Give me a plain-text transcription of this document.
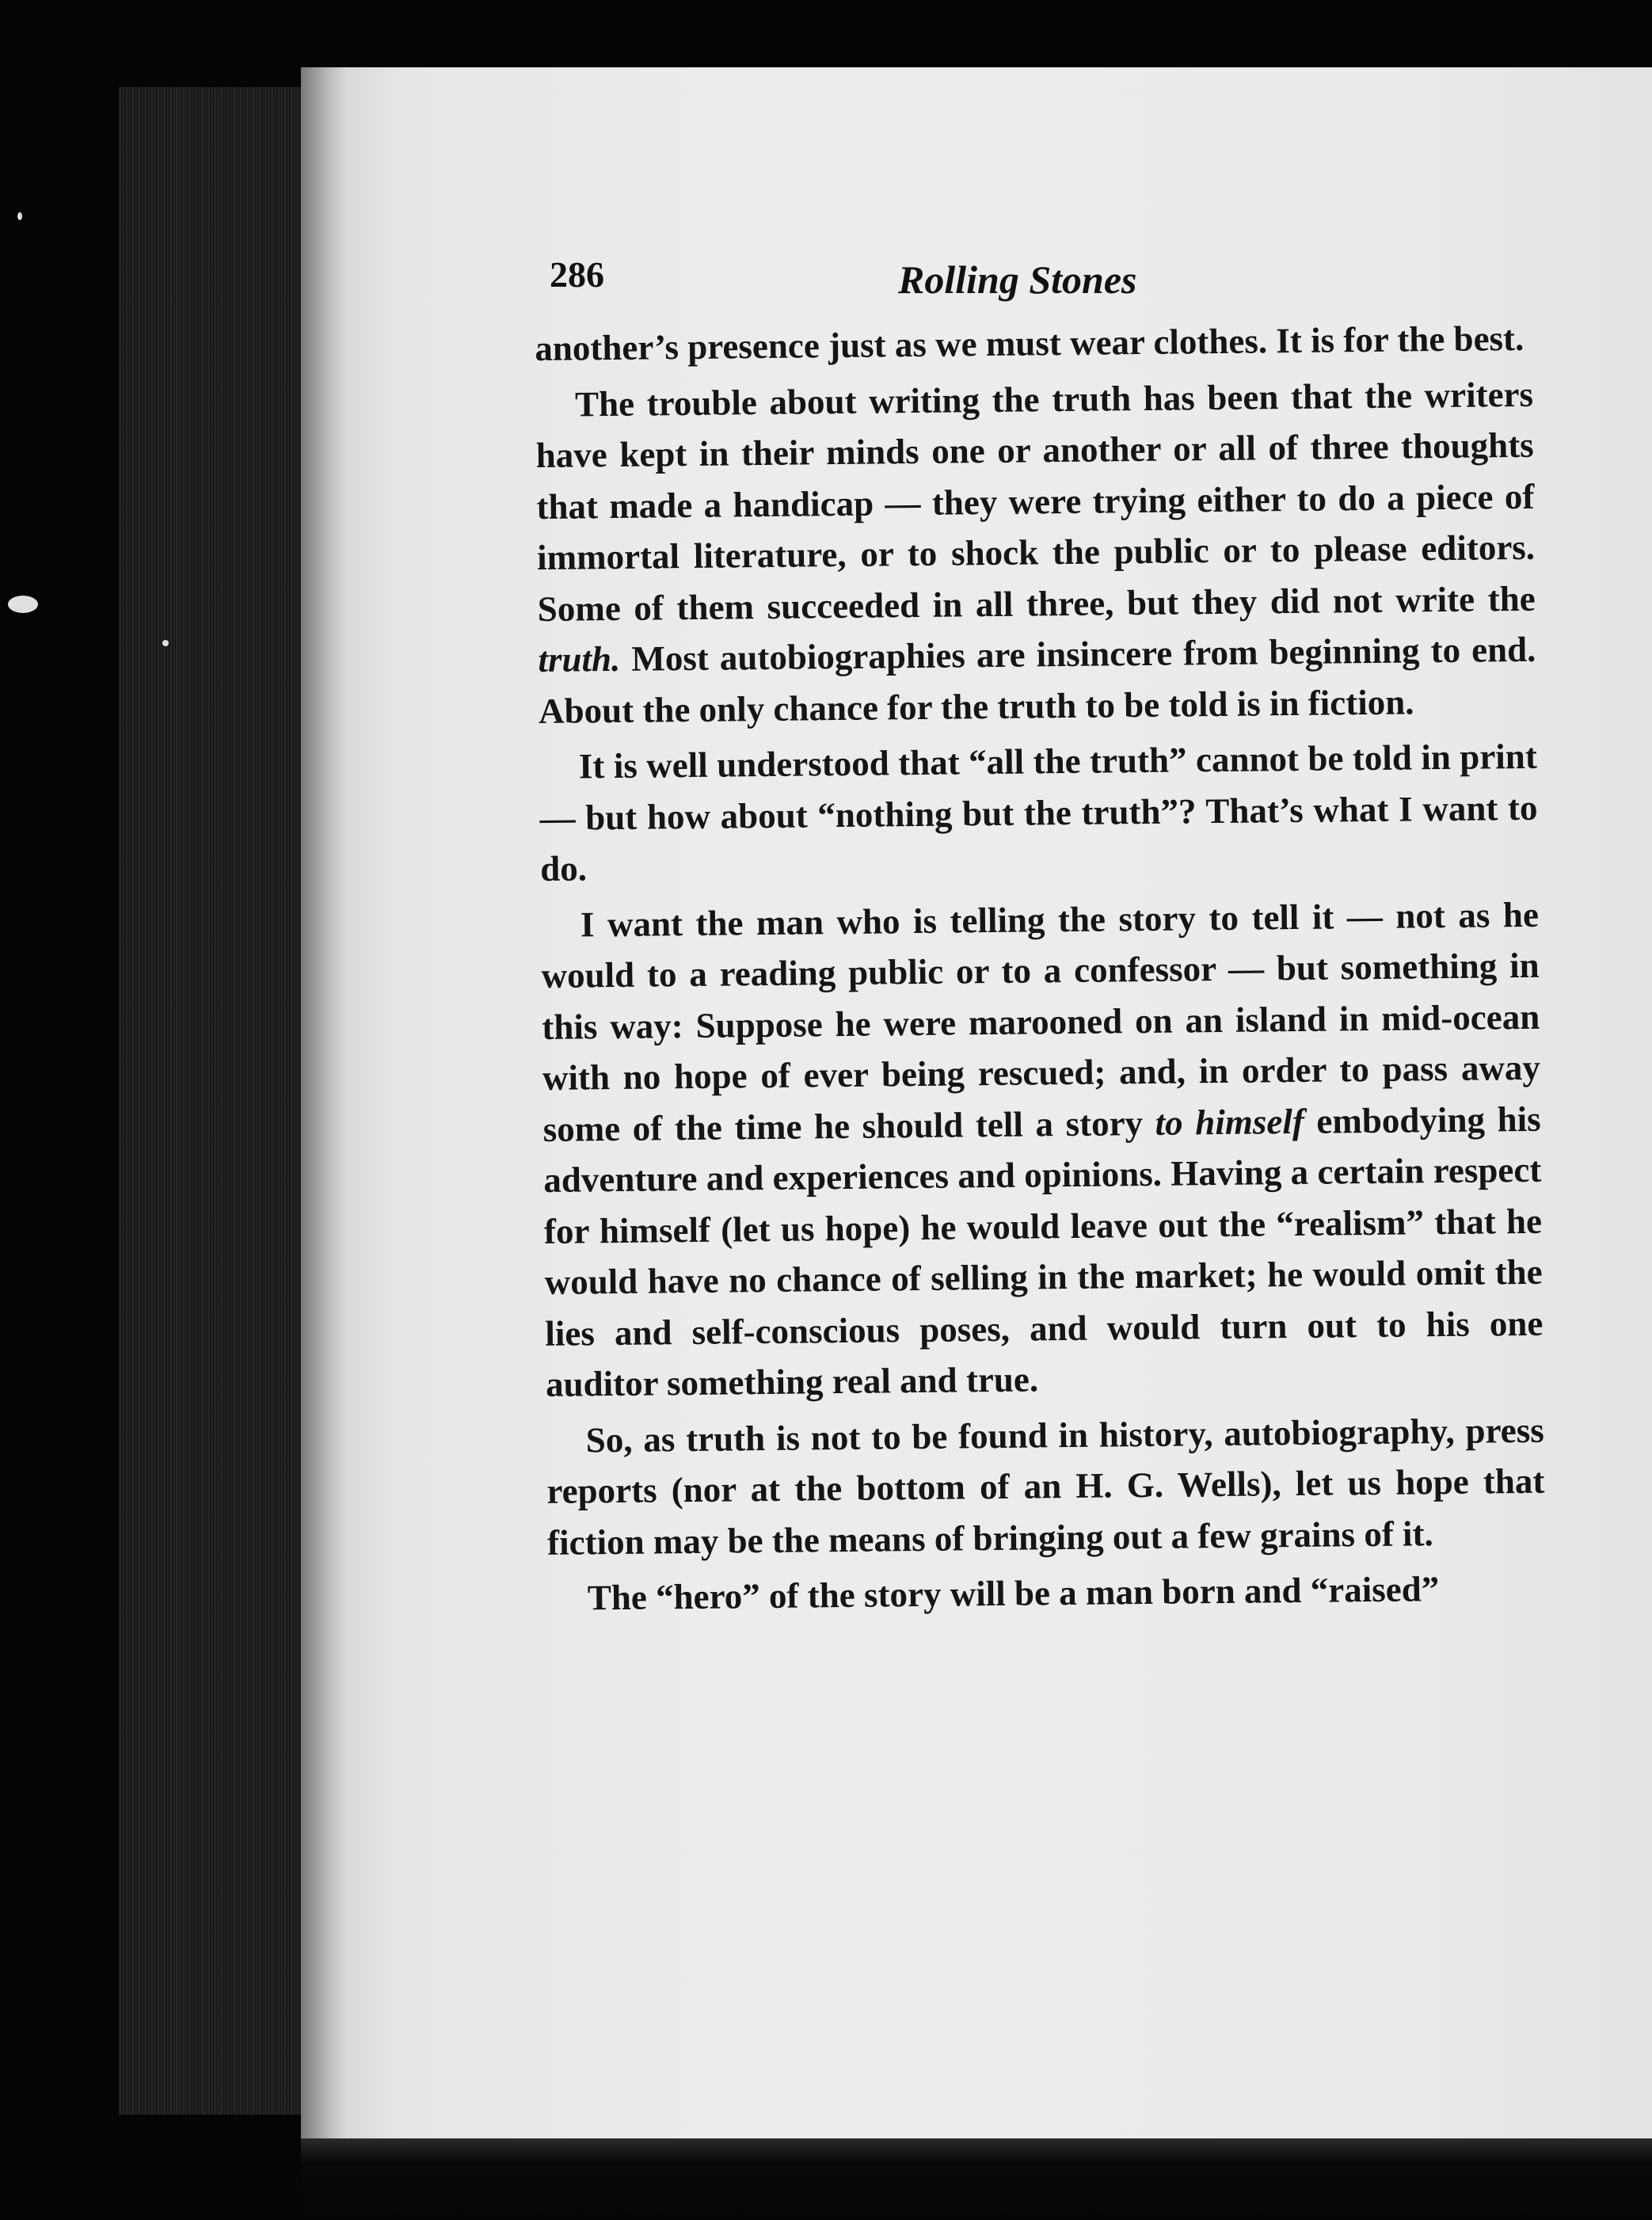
286	Rolling Stones

another’s presence just as we must wear clothes. It is for the best.

The trouble about writing the truth has been that the writers have kept in their minds one or another or all of three thoughts that made a handicap — they were trying either to do a piece of immortal literature, or to shock the public or to please editors. Some of them succeeded in all three, but they did not write the truth. Most autobiographies are insincere from beginning to end. About the only chance for the truth to be told is in fiction.

It is well understood that “all the truth” cannot be told in print — but how about “nothing but the truth”? That’s what I want to do.

I want the man who is telling the story to tell it — not as he would to a reading public or to a confessor — but something in this way: Suppose he were marooned on an island in mid-ocean with no hope of ever being rescued; and, in order to pass away some of the time he should tell a story to himself embodying his adventure and experiences and opinions. Having a certain respect for himself (let us hope) he would leave out the “realism” that he would have no chance of selling in the market; he would omit the lies and self-conscious poses, and would turn out to his one auditor something real and true.

So, as truth is not to be found in history, autobiography, press reports (nor at the bottom of an H. G. Wells), let us hope that fiction may be the means of bringing out a few grains of it.

The “hero” of the story will be a man born and “raised”
